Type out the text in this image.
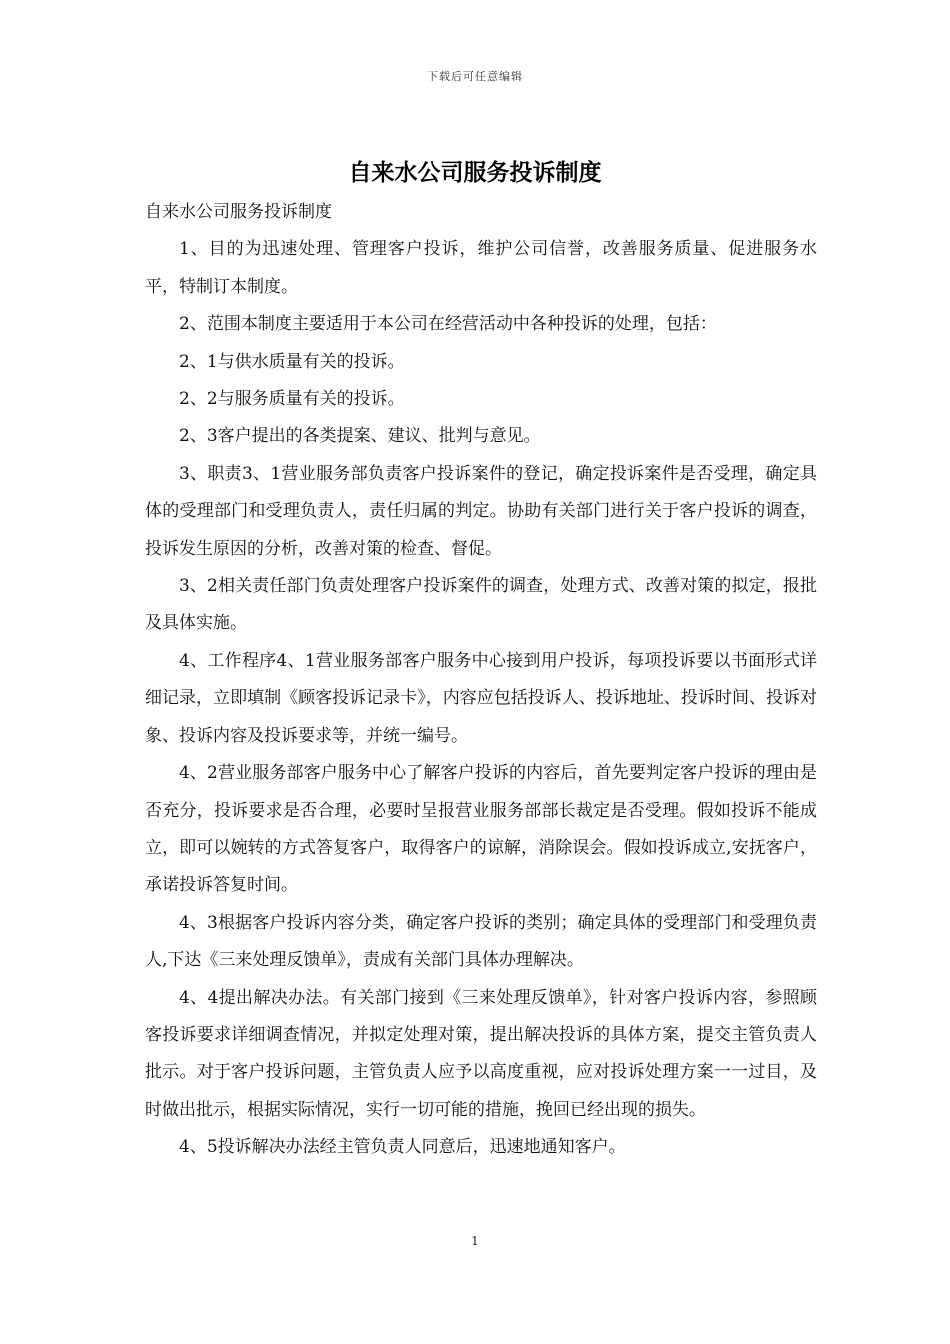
下载后可任意编辑
自来水公司服务投诉制度

自来水公司服务投诉制度

1、目的为迅速处理、管理客户投诉，维护公司信誉，改善服务质量、促进服务水平，特制订本制度。

2、范围本制度主要适用于本公司在经营活动中各种投诉的处理，包括：

2、1与供水质量有关的投诉。

2、2与服务质量有关的投诉。

2、3客户提出的各类提案、建议、批判与意见。

3、职责3、1营业服务部负责客户投诉案件的登记，确定投诉案件是否受理，确定具体的受理部门和受理负责人，责任归属的判定。协助有关部门进行关于客户投诉的调查，投诉发生原因的分析，改善对策的检查、督促。

3、2相关责任部门负责处理客户投诉案件的调查，处理方式、改善对策的拟定，报批及具体实施。

4、工作程序4、1营业服务部客户服务中心接到用户投诉，每项投诉要以书面形式详细记录，立即填制《顾客投诉记录卡》，内容应包括投诉人、投诉地址、投诉时间、投诉对象、投诉内容及投诉要求等，并统一编号。

4、2营业服务部客户服务中心了解客户投诉的内容后，首先要判定客户投诉的理由是否充分，投诉要求是否合理，必要时呈报营业服务部部长裁定是否受理。假如投诉不能成立，即可以婉转的方式答复客户，取得客户的谅解，消除误会。假如投诉成立,安抚客户，承诺投诉答复时间。

4、3根据客户投诉内容分类，确定客户投诉的类别；确定具体的受理部门和受理负责人,下达《三来处理反馈单》，责成有关部门具体办理解决。

4、4提出解决办法。有关部门接到《三来处理反馈单》，针对客户投诉内容，参照顾客投诉要求详细调查情况，并拟定处理对策，提出解决投诉的具体方案，提交主管负责人批示。对于客户投诉问题，主管负责人应予以高度重视，应对投诉处理方案一一过目，及时做出批示，根据实际情况，实行一切可能的措施，挽回已经出现的损失。

4、5投诉解决办法经主管负责人同意后，迅速地通知客户。

1
